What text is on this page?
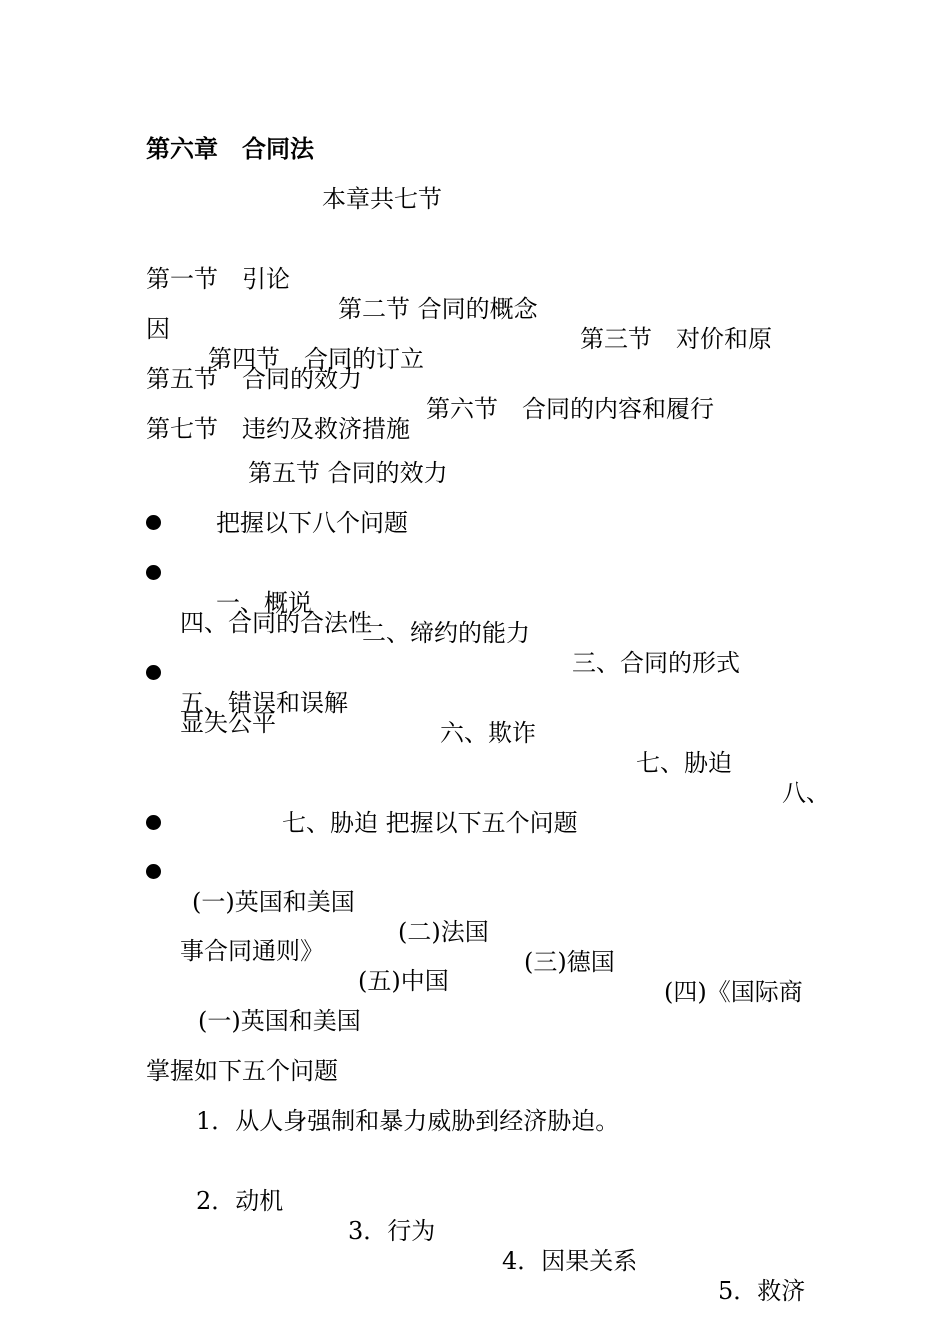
第六章　合同法
本章共七节

第一节　引论

第二节 合同的概念

第三节　对价和原

因

第四节　合同的订立

第五节　合同的效力

第六节　合同的内容和履行

第七节　违约及救济措施

第五节 合同的效力
把握以下八个问题

一、概说

二、缔约的能力

三、合同的形式

四、合同的合法性

五、错误和误解

六、欺诈

七、胁迫

八、

显失公平
七、胁迫 把握以下五个问题

(一)英国和美国

(二)法国

(三)德国

(四)《国际商

事合同通则》

(五)中国

(一)英国和美国
掌握如下五个问题
1．从人身强制和暴力威胁到经济胁迫。

2．动机

3．行为

4．因果关系

5．救济
